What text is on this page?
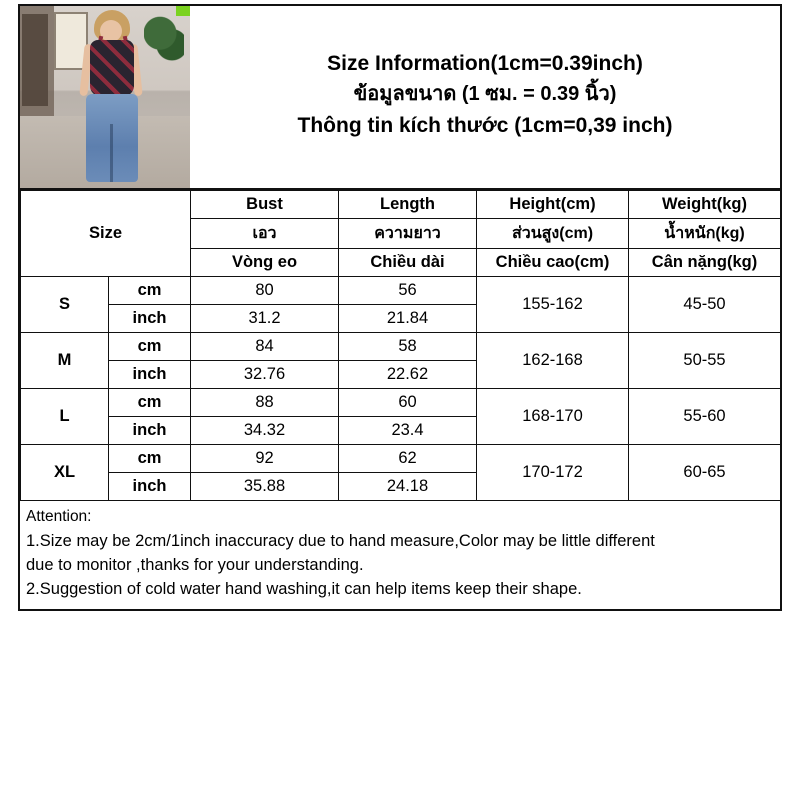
Size Information(1cm=0.39inch)
ข้อมูลขนาด (1 ซม. = 0.39 นิ้ว)
Thông tin kích thước (1cm=0,39 inch)
Size		Bust	Length	Height(cm)	Weight(kg)
		เอว	ความยาว	ส่วนสูง(cm)	น้ำหนัก(kg)
		Vòng eo	Chiều dài	Chiều cao(cm)	Cân nặng(kg)
S	cm	80	56	155-162	45-50
	inch	31.2	21.84		
M	cm	84	58	162-168	50-55
	inch	32.76	22.62		
L	cm	88	60	168-170	55-60
	inch	34.32	23.4		
XL	cm	92	62	170-172	60-65
	inch	35.88	24.18		
Attention:
1.Size may be 2cm/1inch inaccuracy due to hand measure,Color may be little different
due to monitor ,thanks for your understanding.
2.Suggestion of cold water hand washing,it can help items keep their shape.
